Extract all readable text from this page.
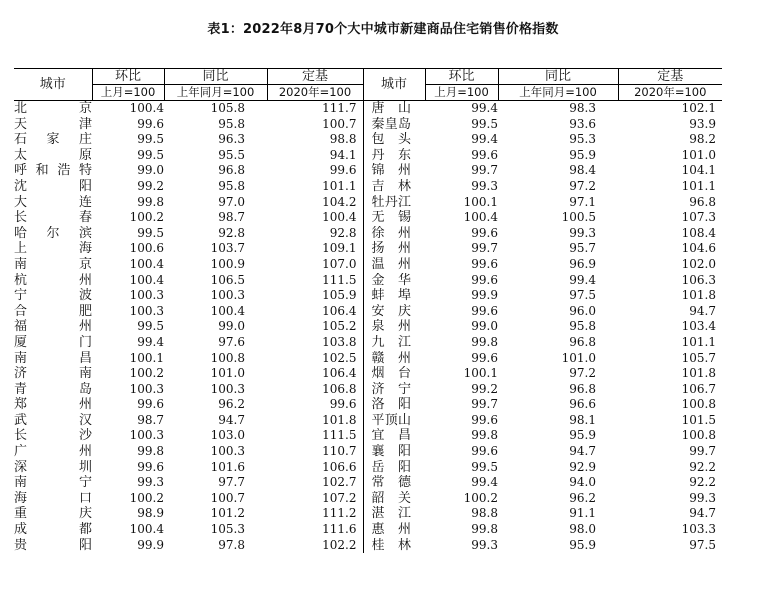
表1：2022年8月70个大中城市新建商品住宅销售价格指数
城市	环比	同比	定基	城市	环比	同比	定基
	上月=100	上年同月=100	2020年=100		上月=100	上年同月=100	2020年=100
北京	100.4	105.8	111.7	唐山	99.4	98.3	102.1
天津	99.6	95.8	100.7	秦皇岛	99.5	93.6	93.9
石家庄	99.5	96.3	98.8	包头	99.4	95.3	98.2
太原	99.5	95.5	94.1	丹东	99.6	95.9	101.0
呼和浩特	99.0	96.8	99.6	锦州	99.7	98.4	104.1
沈阳	99.2	95.8	101.1	吉林	99.3	97.2	101.1
大连	99.8	97.0	104.2	牡丹江	100.1	97.1	96.8
长春	100.2	98.7	100.4	无锡	100.4	100.5	107.3
哈尔滨	99.5	92.8	92.8	徐州	99.6	99.3	108.4
上海	100.6	103.7	109.1	扬州	99.7	95.7	104.6
南京	100.4	100.9	107.0	温州	99.6	96.9	102.0
杭州	100.4	106.5	111.5	金华	99.6	99.4	106.3
宁波	100.3	100.3	105.9	蚌埠	99.9	97.5	101.8
合肥	100.3	100.4	106.4	安庆	99.6	96.0	94.7
福州	99.5	99.0	105.2	泉州	99.0	95.8	103.4
厦门	99.4	97.6	103.8	九江	99.8	96.8	101.1
南昌	100.1	100.8	102.5	赣州	99.6	101.0	105.7
济南	100.2	101.0	106.4	烟台	100.1	97.2	101.8
青岛	100.3	100.3	106.8	济宁	99.2	96.8	106.7
郑州	99.6	96.2	99.6	洛阳	99.7	96.6	100.8
武汉	98.7	94.7	101.8	平顶山	99.6	98.1	101.5
长沙	100.3	103.0	111.5	宜昌	99.8	95.9	100.8
广州	99.8	100.3	110.7	襄阳	99.6	94.7	99.7
深圳	99.6	101.6	106.6	岳阳	99.5	92.9	92.2
南宁	99.3	97.7	102.7	常德	99.4	94.0	92.2
海口	100.2	100.7	107.2	韶关	100.2	96.2	99.3
重庆	98.9	101.2	111.2	湛江	98.8	91.1	94.7
成都	100.4	105.3	111.6	惠州	99.8	98.0	103.3
贵阳	99.9	97.8	102.2	桂林	99.3	95.9	97.5
